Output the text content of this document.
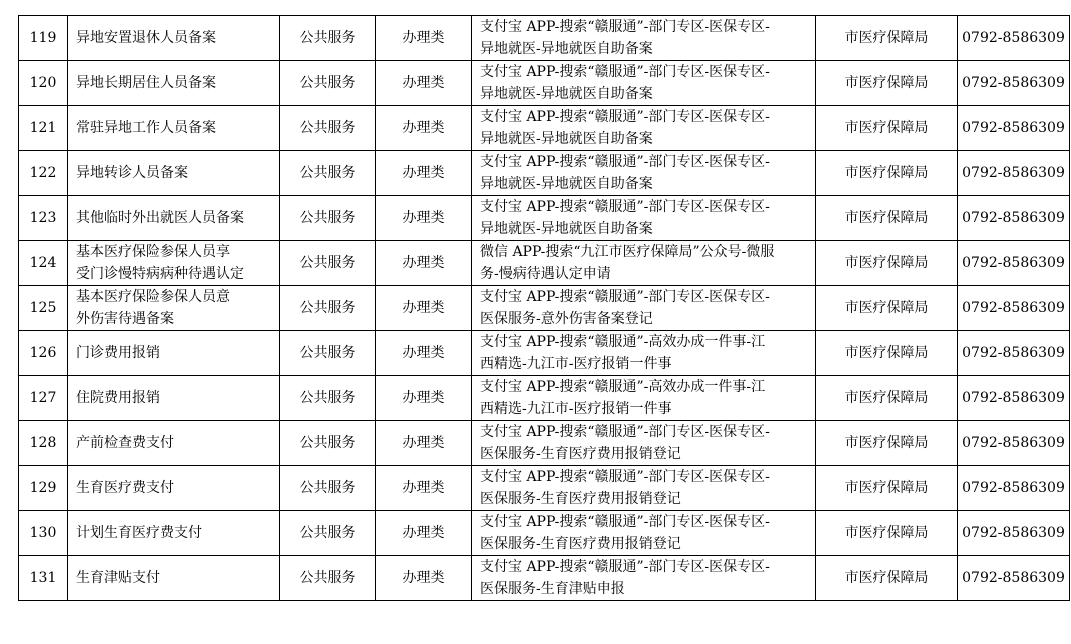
119	异地安置退休人员备案	公共服务	办理类	支付宝 APP-搜索“赣服通”-部门专区-医保专区-
异地就医-异地就医自助备案	市医疗保障局	0792-8586309
120	异地长期居住人员备案	公共服务	办理类	支付宝 APP-搜索“赣服通”-部门专区-医保专区-
异地就医-异地就医自助备案	市医疗保障局	0792-8586309
121	常驻异地工作人员备案	公共服务	办理类	支付宝 APP-搜索“赣服通”-部门专区-医保专区-
异地就医-异地就医自助备案	市医疗保障局	0792-8586309
122	异地转诊人员备案	公共服务	办理类	支付宝 APP-搜索“赣服通”-部门专区-医保专区-
异地就医-异地就医自助备案	市医疗保障局	0792-8586309
123	其他临时外出就医人员备案	公共服务	办理类	支付宝 APP-搜索“赣服通”-部门专区-医保专区-
异地就医-异地就医自助备案	市医疗保障局	0792-8586309
124	基本医疗保险参保人员享
受门诊慢特病病种待遇认定	公共服务	办理类	微信 APP-搜索“九江市医疗保障局”公众号-微服
务-慢病待遇认定申请	市医疗保障局	0792-8586309
125	基本医疗保险参保人员意
外伤害待遇备案	公共服务	办理类	支付宝 APP-搜索“赣服通”-部门专区-医保专区-
医保服务-意外伤害备案登记	市医疗保障局	0792-8586309
126	门诊费用报销	公共服务	办理类	支付宝 APP-搜索“赣服通”-高效办成一件事-江
西精选-九江市-医疗报销一件事	市医疗保障局	0792-8586309
127	住院费用报销	公共服务	办理类	支付宝 APP-搜索“赣服通”-高效办成一件事-江
西精选-九江市-医疗报销一件事	市医疗保障局	0792-8586309
128	产前检查费支付	公共服务	办理类	支付宝 APP-搜索“赣服通”-部门专区-医保专区-
医保服务-生育医疗费用报销登记	市医疗保障局	0792-8586309
129	生育医疗费支付	公共服务	办理类	支付宝 APP-搜索“赣服通”-部门专区-医保专区-
医保服务-生育医疗费用报销登记	市医疗保障局	0792-8586309
130	计划生育医疗费支付	公共服务	办理类	支付宝 APP-搜索“赣服通”-部门专区-医保专区-
医保服务-生育医疗费用报销登记	市医疗保障局	0792-8586309
131	生育津贴支付	公共服务	办理类	支付宝 APP-搜索“赣服通”-部门专区-医保专区-
医保服务-生育津贴申报	市医疗保障局	0792-8586309
